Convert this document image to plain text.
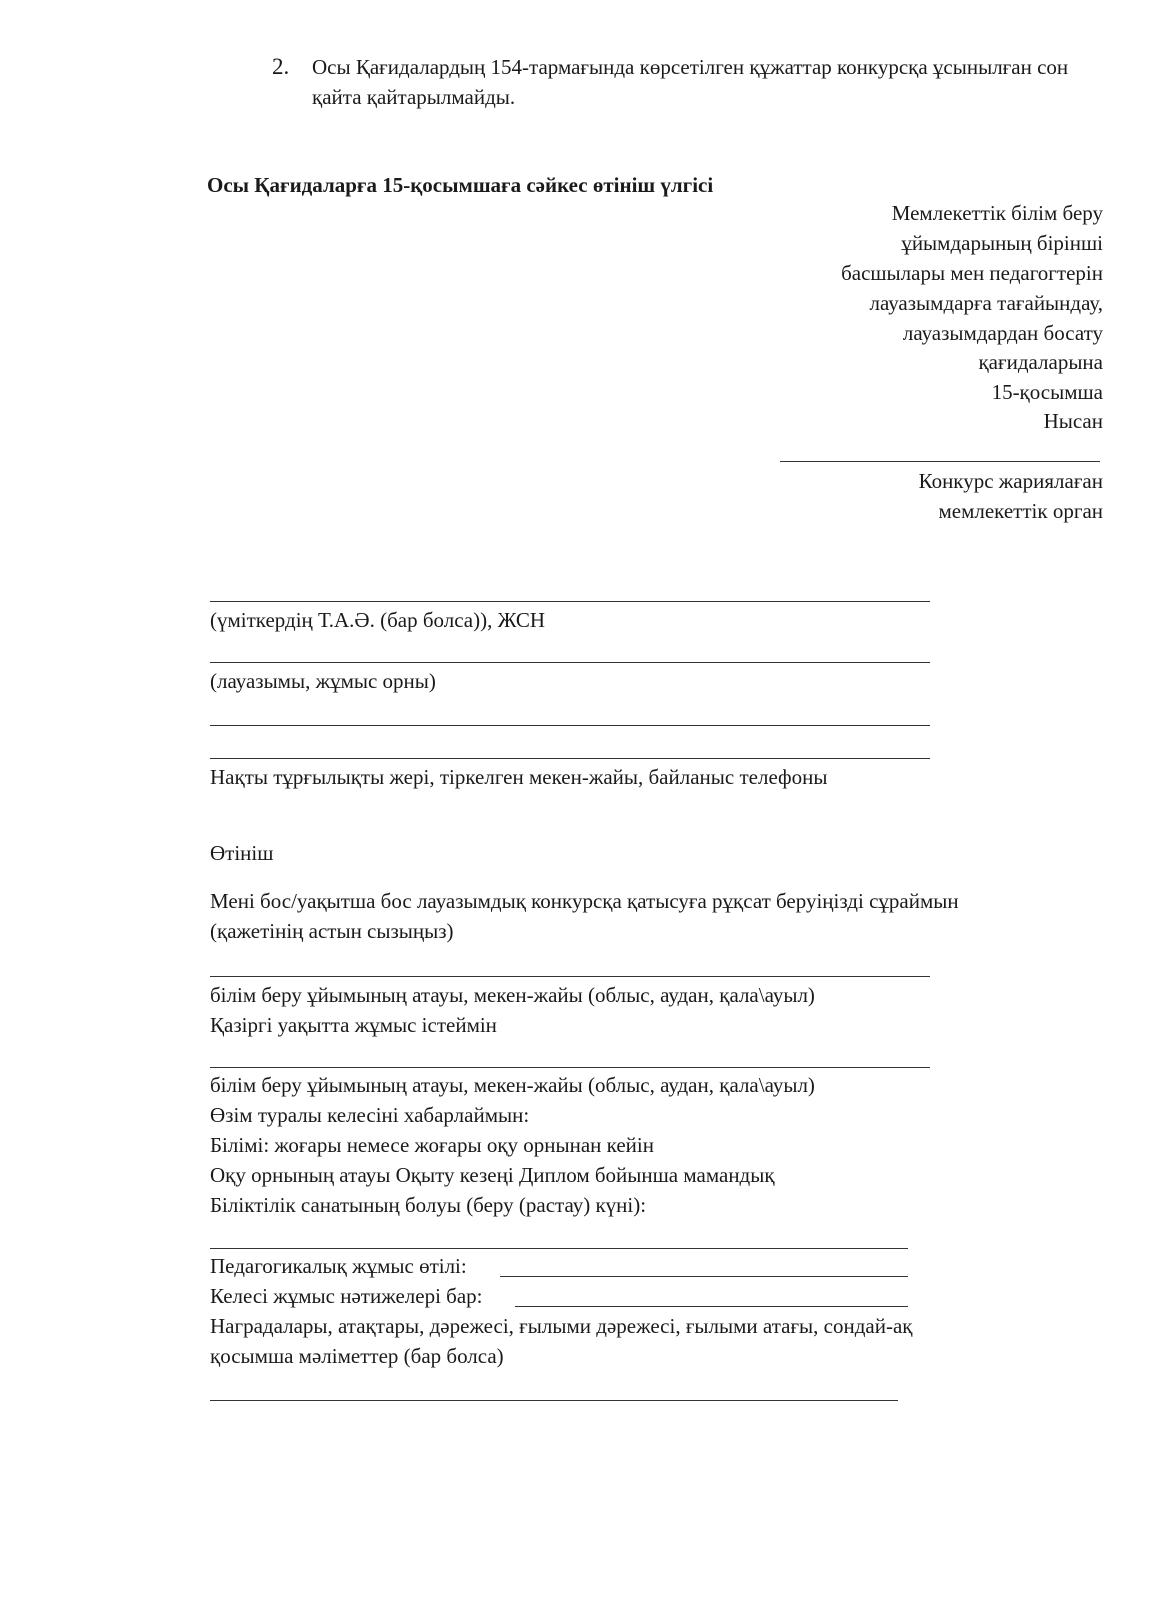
2. Осы Қағидалардың 154-тармағында көрсетілген құжаттар конкурсқа ұсынылған сон қайта қайтарылмайды.
Осы Қағидаларға 15-қосымшаға сәйкес өтініш үлгісі
Мемлекеттік білім беру
ұйымдарының бірінші
басшылары мен педагогтерін
лауазымдарға тағайындау,
лауазымдардан босату
қағидаларына
15-қосымша
Нысан
Конкурс жариялаған
мемлекеттік орган
(үміткердің Т.А.Ә. (бар болса)), ЖСН
(лауазымы, жұмыс орны)
Нақты тұрғылықты жері, тіркелген мекен-жайы, байланыс телефоны
Өтініш
Мені бос/уақытша бос лауазымдық конкурсқа қатысуға рұқсат беруіңізді сұраймын
(қажетінің астын сызыңыз)
білім беру ұйымының атауы, мекен-жайы (облыс, аудан, қала\ауыл)
Қазіргі уақытта жұмыс істеймін
білім беру ұйымының атауы, мекен-жайы (облыс, аудан, қала\ауыл)
Өзім туралы келесіні хабарлаймын:
Білімі: жоғары немесе жоғары оқу орнынан кейін
Оқу орнының атауы Оқыту кезеңі Диплом бойынша мамандық
Біліктілік санатының болуы (беру (растау) күні):
Педагогикалық жұмыс өтілі:
Келесі жұмыс нәтижелері бар:
Наградалары, атақтары, дәрежесі, ғылыми дәрежесі, ғылыми атағы, сондай-ақ
қосымша мәліметтер (бар болса)
